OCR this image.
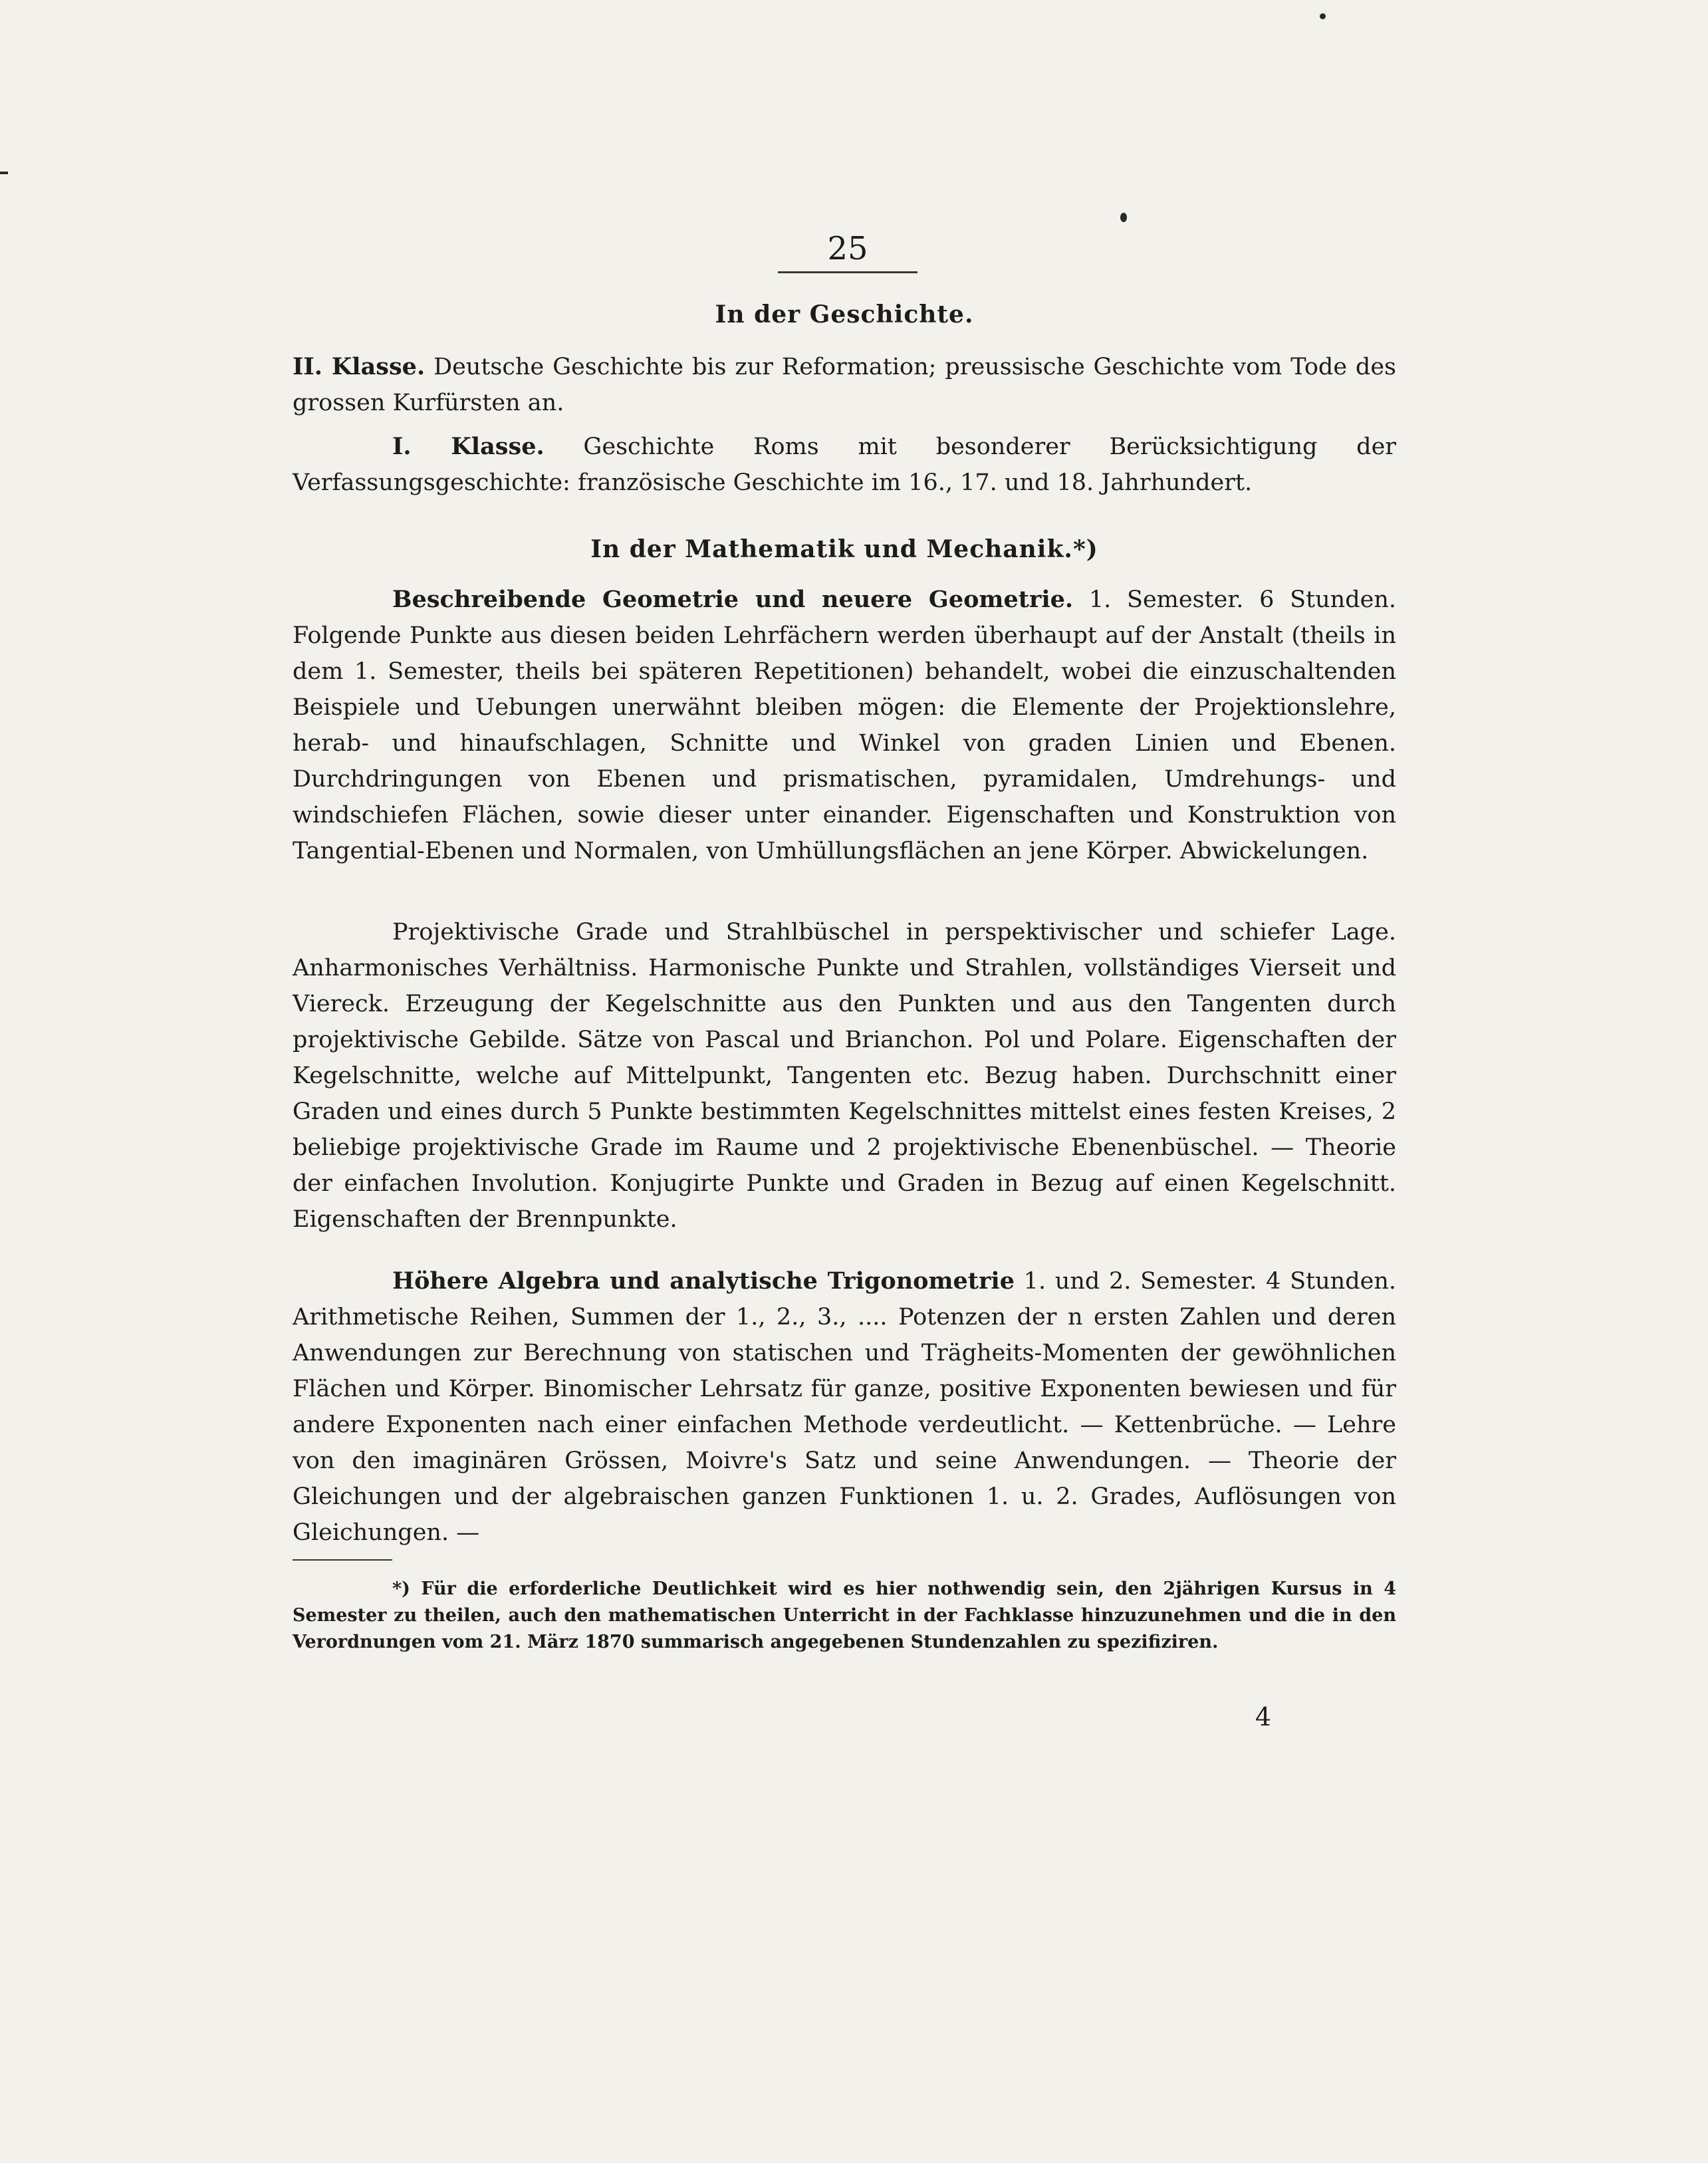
25
In der Geschichte.

II. Klasse. Deutsche Geschichte bis zur Reformation; preussische Geschichte vom Tode des grossen Kurfürsten an.

I. Klasse. Geschichte Roms mit besonderer Berücksichtigung der Verfassungsgeschichte: französische Geschichte im 16., 17. und 18. Jahrhundert.

In der Mathematik und Mechanik.*)

Beschreibende Geometrie und neuere Geometrie. 1. Semester. 6 Stunden. Folgende Punkte aus diesen beiden Lehrfächern werden überhaupt auf der Anstalt (theils in dem 1. Semester, theils bei späteren Repetitionen) behandelt, wobei die einzuschaltenden Beispiele und Uebungen unerwähnt bleiben mögen: die Elemente der Projektionslehre, herab- und hinaufschlagen, Schnitte und Winkel von graden Linien und Ebenen. Durchdringungen von Ebenen und prismatischen, pyramidalen, Umdrehungs- und windschiefen Flächen, sowie dieser unter einander. Eigenschaften und Konstruktion von Tangential-Ebenen und Normalen, von Umhüllungsflächen an jene Körper. Abwickelungen.

Projektivische Grade und Strahlbüschel in perspektivischer und schiefer Lage. Anharmonisches Verhältniss. Harmonische Punkte und Strahlen, vollständiges Vierseit und Viereck. Erzeugung der Kegelschnitte aus den Punkten und aus den Tangenten durch projektivische Gebilde. Sätze von Pascal und Brianchon. Pol und Polare. Eigenschaften der Kegelschnitte, welche auf Mittelpunkt, Tangenten etc. Bezug haben. Durchschnitt einer Graden und eines durch 5 Punkte bestimmten Kegelschnittes mittelst eines festen Kreises, 2 beliebige projektivische Grade im Raume und 2 projektivische Ebenenbüschel. — Theorie der einfachen Involution. Konjugirte Punkte und Graden in Bezug auf einen Kegelschnitt. Eigenschaften der Brennpunkte.

Höhere Algebra und analytische Trigonometrie 1. und 2. Semester. 4 Stunden. Arithmetische Reihen, Summen der 1., 2., 3., .... Potenzen der n ersten Zahlen und deren Anwendungen zur Berechnung von statischen und Trägheits-Momenten der gewöhnlichen Flächen und Körper. Binomischer Lehrsatz für ganze, positive Exponenten bewiesen und für andere Exponenten nach einer einfachen Methode verdeutlicht. — Kettenbrüche. — Lehre von den imaginären Grössen, Moivre's Satz und seine Anwendungen. — Theorie der Gleichungen und der algebraischen ganzen Funktionen 1. u. 2. Grades, Auflösungen von Gleichungen. —

*) Für die erforderliche Deutlichkeit wird es hier nothwendig sein, den 2jährigen Kursus in 4 Semester zu theilen, auch den mathematischen Unterricht in der Fachklasse hinzuzunehmen und die in den Verordnungen vom 21. März 1870 summarisch angegebenen Stundenzahlen zu spezifiziren.

4
